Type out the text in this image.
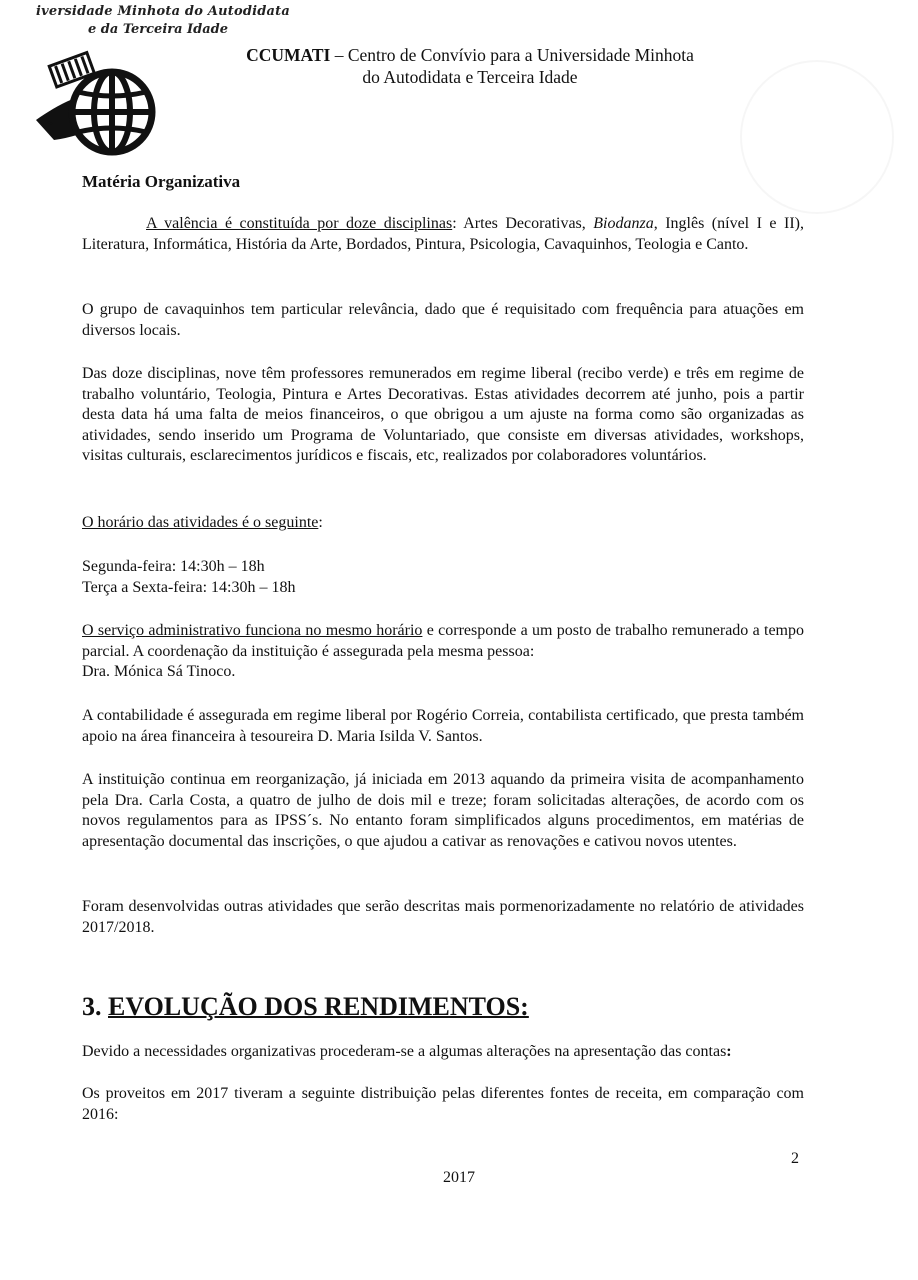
iversidade Minhota do Autodidata
e da Terceira Idade
CCUMATI – Centro de Convívio para a Universidade Minhota
do Autodidata e Terceira Idade
Matéria Organizativa

A valência é constituída por doze disciplinas: Artes Decorativas, Biodanza, Inglês (nível I e II), Literatura, Informática, História da Arte, Bordados, Pintura, Psicologia, Cavaquinhos, Teologia e Canto.

O grupo de cavaquinhos tem particular relevância, dado que é requisitado com frequência para atuações em diversos locais.

Das doze disciplinas, nove têm professores remunerados em regime liberal (recibo verde) e três em regime de trabalho voluntário, Teologia, Pintura e Artes Decorativas. Estas atividades decorrem até junho, pois a partir desta data há uma falta de meios financeiros, o que obrigou a um ajuste na forma como são organizadas as atividades, sendo inserido um Programa de Voluntariado, que consiste em diversas atividades, workshops, visitas culturais, esclarecimentos jurídicos e fiscais, etc, realizados por colaboradores voluntários.

O horário das atividades é o seguinte:
Segunda-feira: 14:30h – 18h
Terça a Sexta-feira: 14:30h – 18h

O serviço administrativo funciona no mesmo horário e corresponde a um posto de trabalho remunerado a tempo parcial. A coordenação da instituição é assegurada pela mesma pessoa:
Dra. Mónica Sá Tinoco.

A contabilidade é assegurada em regime liberal por Rogério Correia, contabilista certificado, que presta também apoio na área financeira à tesoureira D. Maria Isilda V. Santos.

A instituição continua em reorganização, já iniciada em 2013 aquando da primeira visita de acompanhamento pela Dra. Carla Costa, a quatro de julho de dois mil e treze; foram solicitadas alterações, de acordo com os novos regulamentos para as IPSS´s. No entanto foram simplificados alguns procedimentos, em matérias de apresentação documental das inscrições, o que ajudou a cativar as renovações e cativou novos utentes.

Foram desenvolvidas outras atividades que serão descritas mais pormenorizadamente no relatório de atividades 2017/2018.

3. EVOLUÇÃO DOS RENDIMENTOS:

Devido a necessidades organizativas procederam-se a algumas alterações na apresentação das contas:

Os proveitos em 2017 tiveram a seguinte distribuição pelas diferentes fontes de receita, em comparação com 2016:

2
2017
